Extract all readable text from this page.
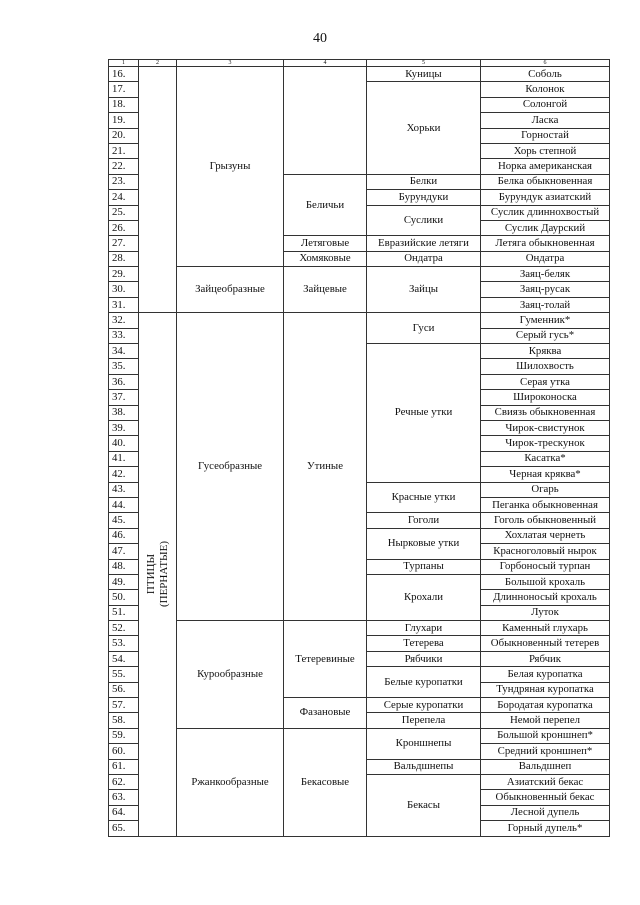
40
1	2	3	4	5	6
16.		Грызуны		Куницы	Соболь
17.				Хорьки	Колонок
18.					Солонгой
19.					Ласка
20.					Горностай
21.					Хорь степной
22.					Норка американская
23.			Беличьи	Белки	Белка обыкновенная
24.				Бурундуки	Бурундук азиатский
25.				Суслики	Суслик длиннохвостый
26.					Суслик Даурский
27.			Летяговые	Евразийские летяги	Летяга обыкновенная
28.			Хомяковые	Ондатра	Ондатра
29.		Зайцеобразные	Зайцевые	Зайцы	Заяц-беляк
30.					Заяц-русак
31.					Заяц-толай
32.	ПТИЦЫ (ПЕРНАТЫЕ)	Гусеобразные	Утиные	Гуси	Гуменник*
33.					Серый гусь*
34.				Речные утки	Кряква
35.					Шилохвость
36.					Серая утка
37.					Широконоска
38.					Свиязь обыкновенная
39.					Чирок-свистунок
40.					Чирок-трескунок
41.					Касатка*
42.					Черная кряква*
43.				Красные утки	Огарь
44.					Пеганка обыкновенная
45.				Гоголи	Гоголь обыкновенный
46.				Нырковые утки	Хохлатая чернеть
47.					Красноголовый нырок
48.				Турпаны	Горбоносый турпан
49.				Крохали	Большой крохаль
50.					Длинноносый крохаль
51.					Луток
52.		Курообразные	Тетеревиные	Глухари	Каменный глухарь
53.				Тетерева	Обыкновенный тетерев
54.				Рябчики	Рябчик
55.				Белые куропатки	Белая куропатка
56.					Тундряная куропатка
57.			Фазановые	Серые куропатки	Бородатая куропатка
58.				Перепела	Немой перепел
59.		Ржанкообразные	Бекасовые	Кроншнепы	Большой кроншнеп*
60.					Средний кроншнеп*
61.				Вальдшнепы	Вальдшнеп
62.				Бекасы	Азиатский бекас
63.					Обыкновенный бекас
64.					Лесной дупель
65.					Горный дупель*
